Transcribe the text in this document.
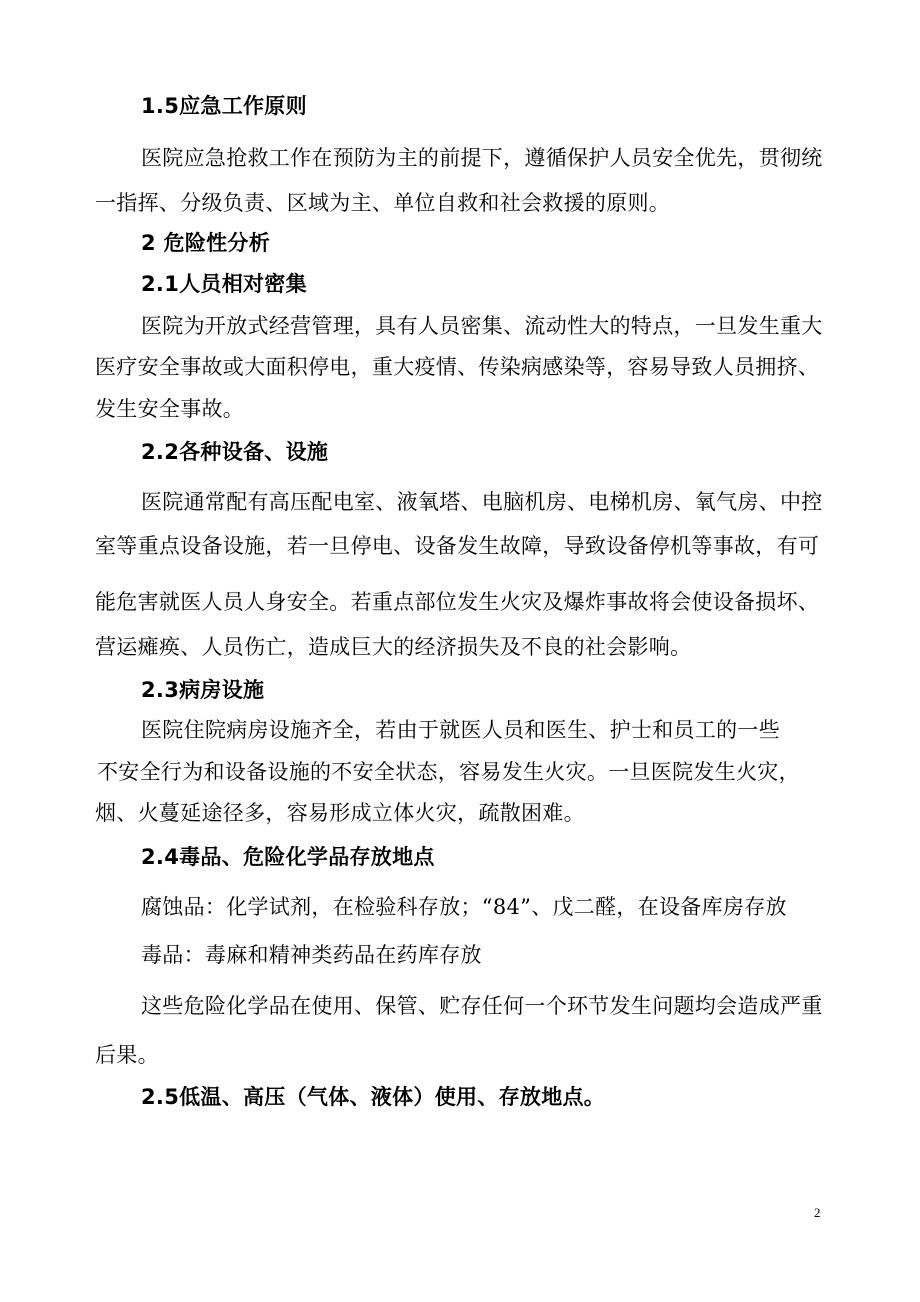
1.5应急工作原则
医院应急抢救工作在预防为主的前提下，遵循保护人员安全优先，贯彻统
一指挥、分级负责、区域为主、单位自救和社会救援的原则。
2 危险性分析
2.1人员相对密集
医院为开放式经营管理，具有人员密集、流动性大的特点，一旦发生重大
医疗安全事故或大面积停电，重大疫情、传染病感染等，容易导致人员拥挤、
发生安全事故。
2.2各种设备、设施
医院通常配有高压配电室、液氧塔、电脑机房、电梯机房、氧气房、中控
室等重点设备设施，若一旦停电、设备发生故障，导致设备停机等事故，有可
能危害就医人员人身安全。若重点部位发生火灾及爆炸事故将会使设备损坏、
营运瘫痪、人员伤亡，造成巨大的经济损失及不良的社会影响。
2.3病房设施
医院住院病房设施齐全，若由于就医人员和医生、护士和员工的一些
不安全行为和设备设施的不安全状态，容易发生火灾。一旦医院发生火灾，
烟、火蔓延途径多，容易形成立体火灾，疏散困难。
2.4毒品、危险化学品存放地点
腐蚀品：化学试剂，在检验科存放；“84”、戊二醛，在设备库房存放
毒品：毒麻和精神类药品在药库存放
这些危险化学品在使用、保管、贮存任何一个环节发生问题均会造成严重
后果。
2.5低温、高压（气体、液体）使用、存放地点。
2
